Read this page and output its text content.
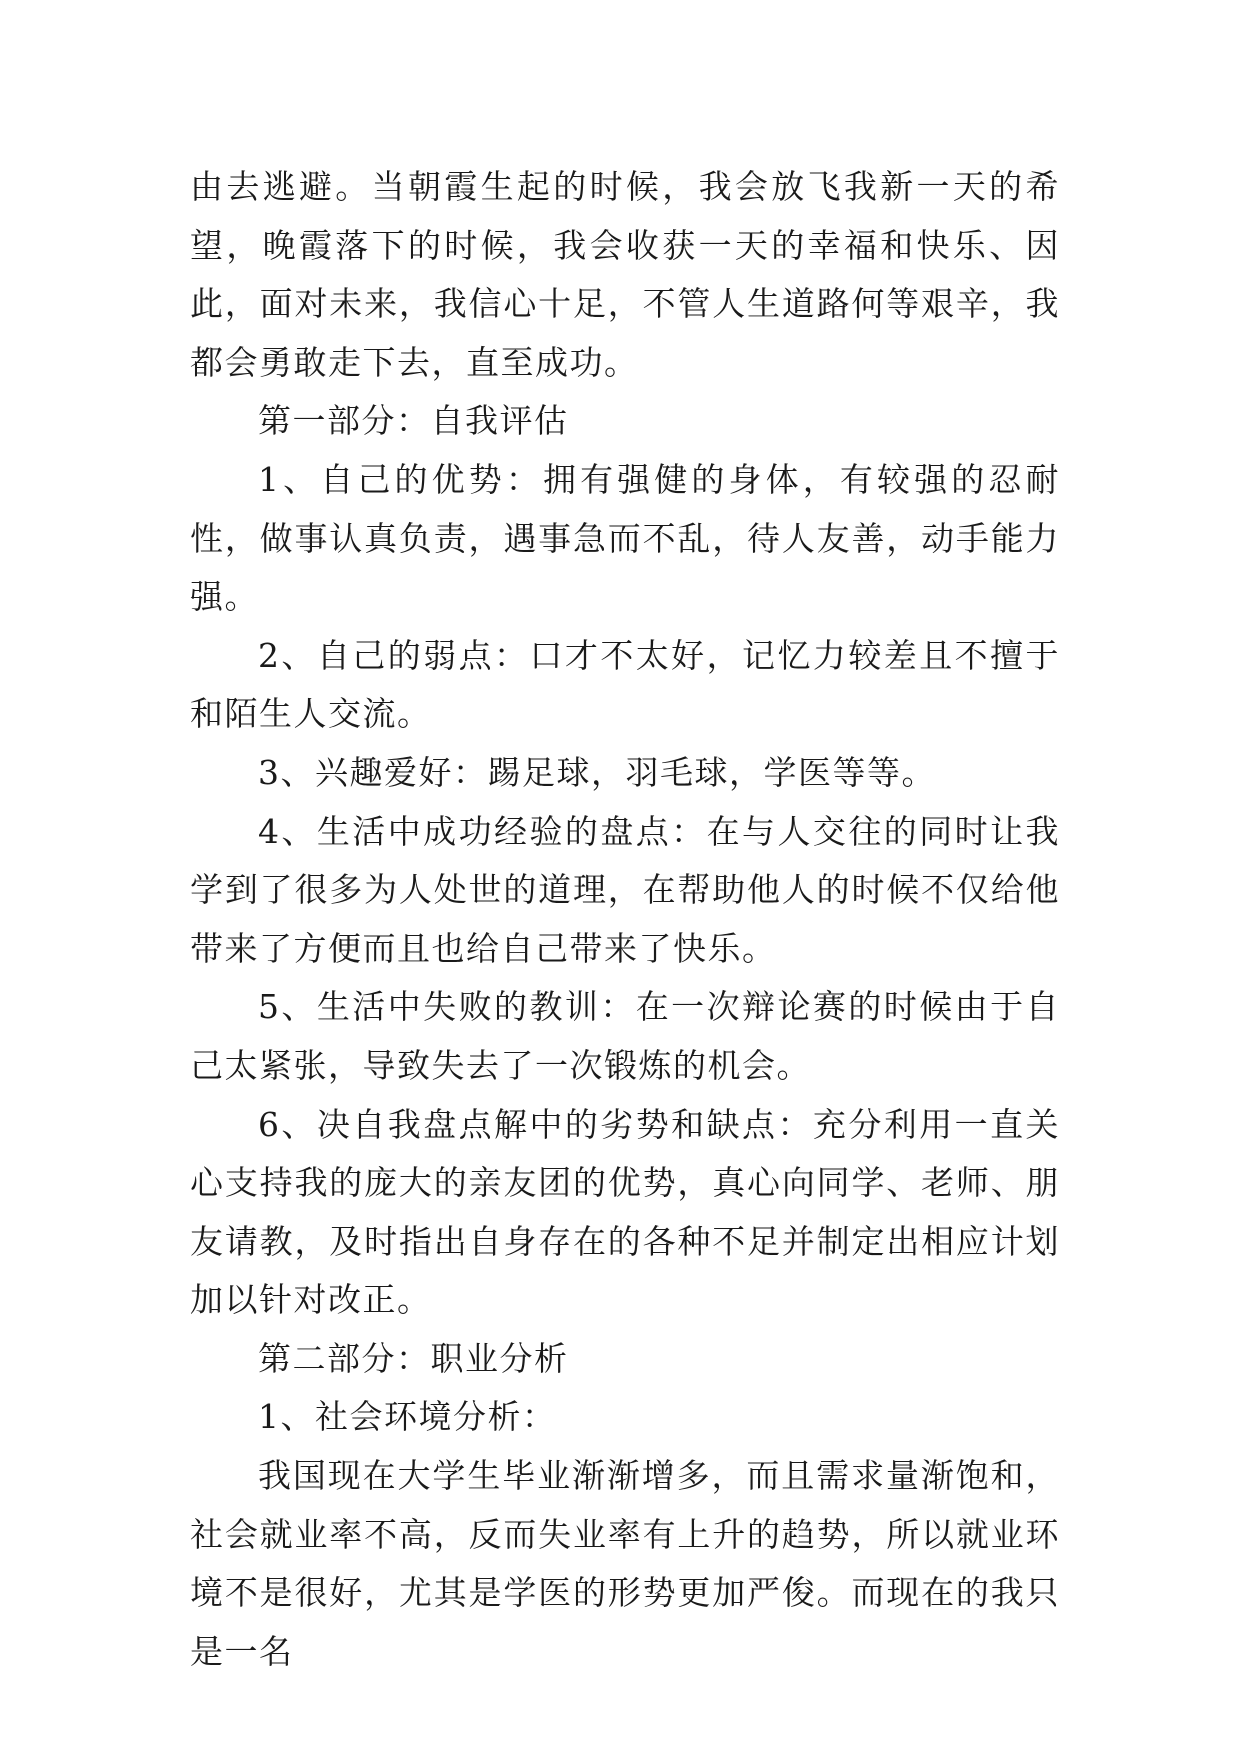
由去逃避。当朝霞生起的时候，我会放飞我新一天的希望，晚霞落下的时候，我会收获一天的幸福和快乐、因此，面对未来，我信心十足，不管人生道路何等艰辛，我都会勇敢走下去，直至成功。

第一部分：自我评估

1、自己的优势：拥有强健的身体，有较强的忍耐性，做事认真负责，遇事急而不乱，待人友善，动手能力强。

2、自己的弱点：口才不太好，记忆力较差且不擅于和陌生人交流。

3、兴趣爱好：踢足球，羽毛球，学医等等。

4、生活中成功经验的盘点：在与人交往的同时让我学到了很多为人处世的道理，在帮助他人的时候不仅给他带来了方便而且也给自己带来了快乐。

5、生活中失败的教训：在一次辩论赛的时候由于自己太紧张，导致失去了一次锻炼的机会。

6、决自我盘点解中的劣势和缺点：充分利用一直关心支持我的庞大的亲友团的优势，真心向同学、老师、朋友请教，及时指出自身存在的各种不足并制定出相应计划加以针对改正。

第二部分：职业分析

1、社会环境分析：

我国现在大学生毕业渐渐增多，而且需求量渐饱和，社会就业率不高，反而失业率有上升的趋势，所以就业环境不是很好，尤其是学医的形势更加严俊。而现在的我只是一名
